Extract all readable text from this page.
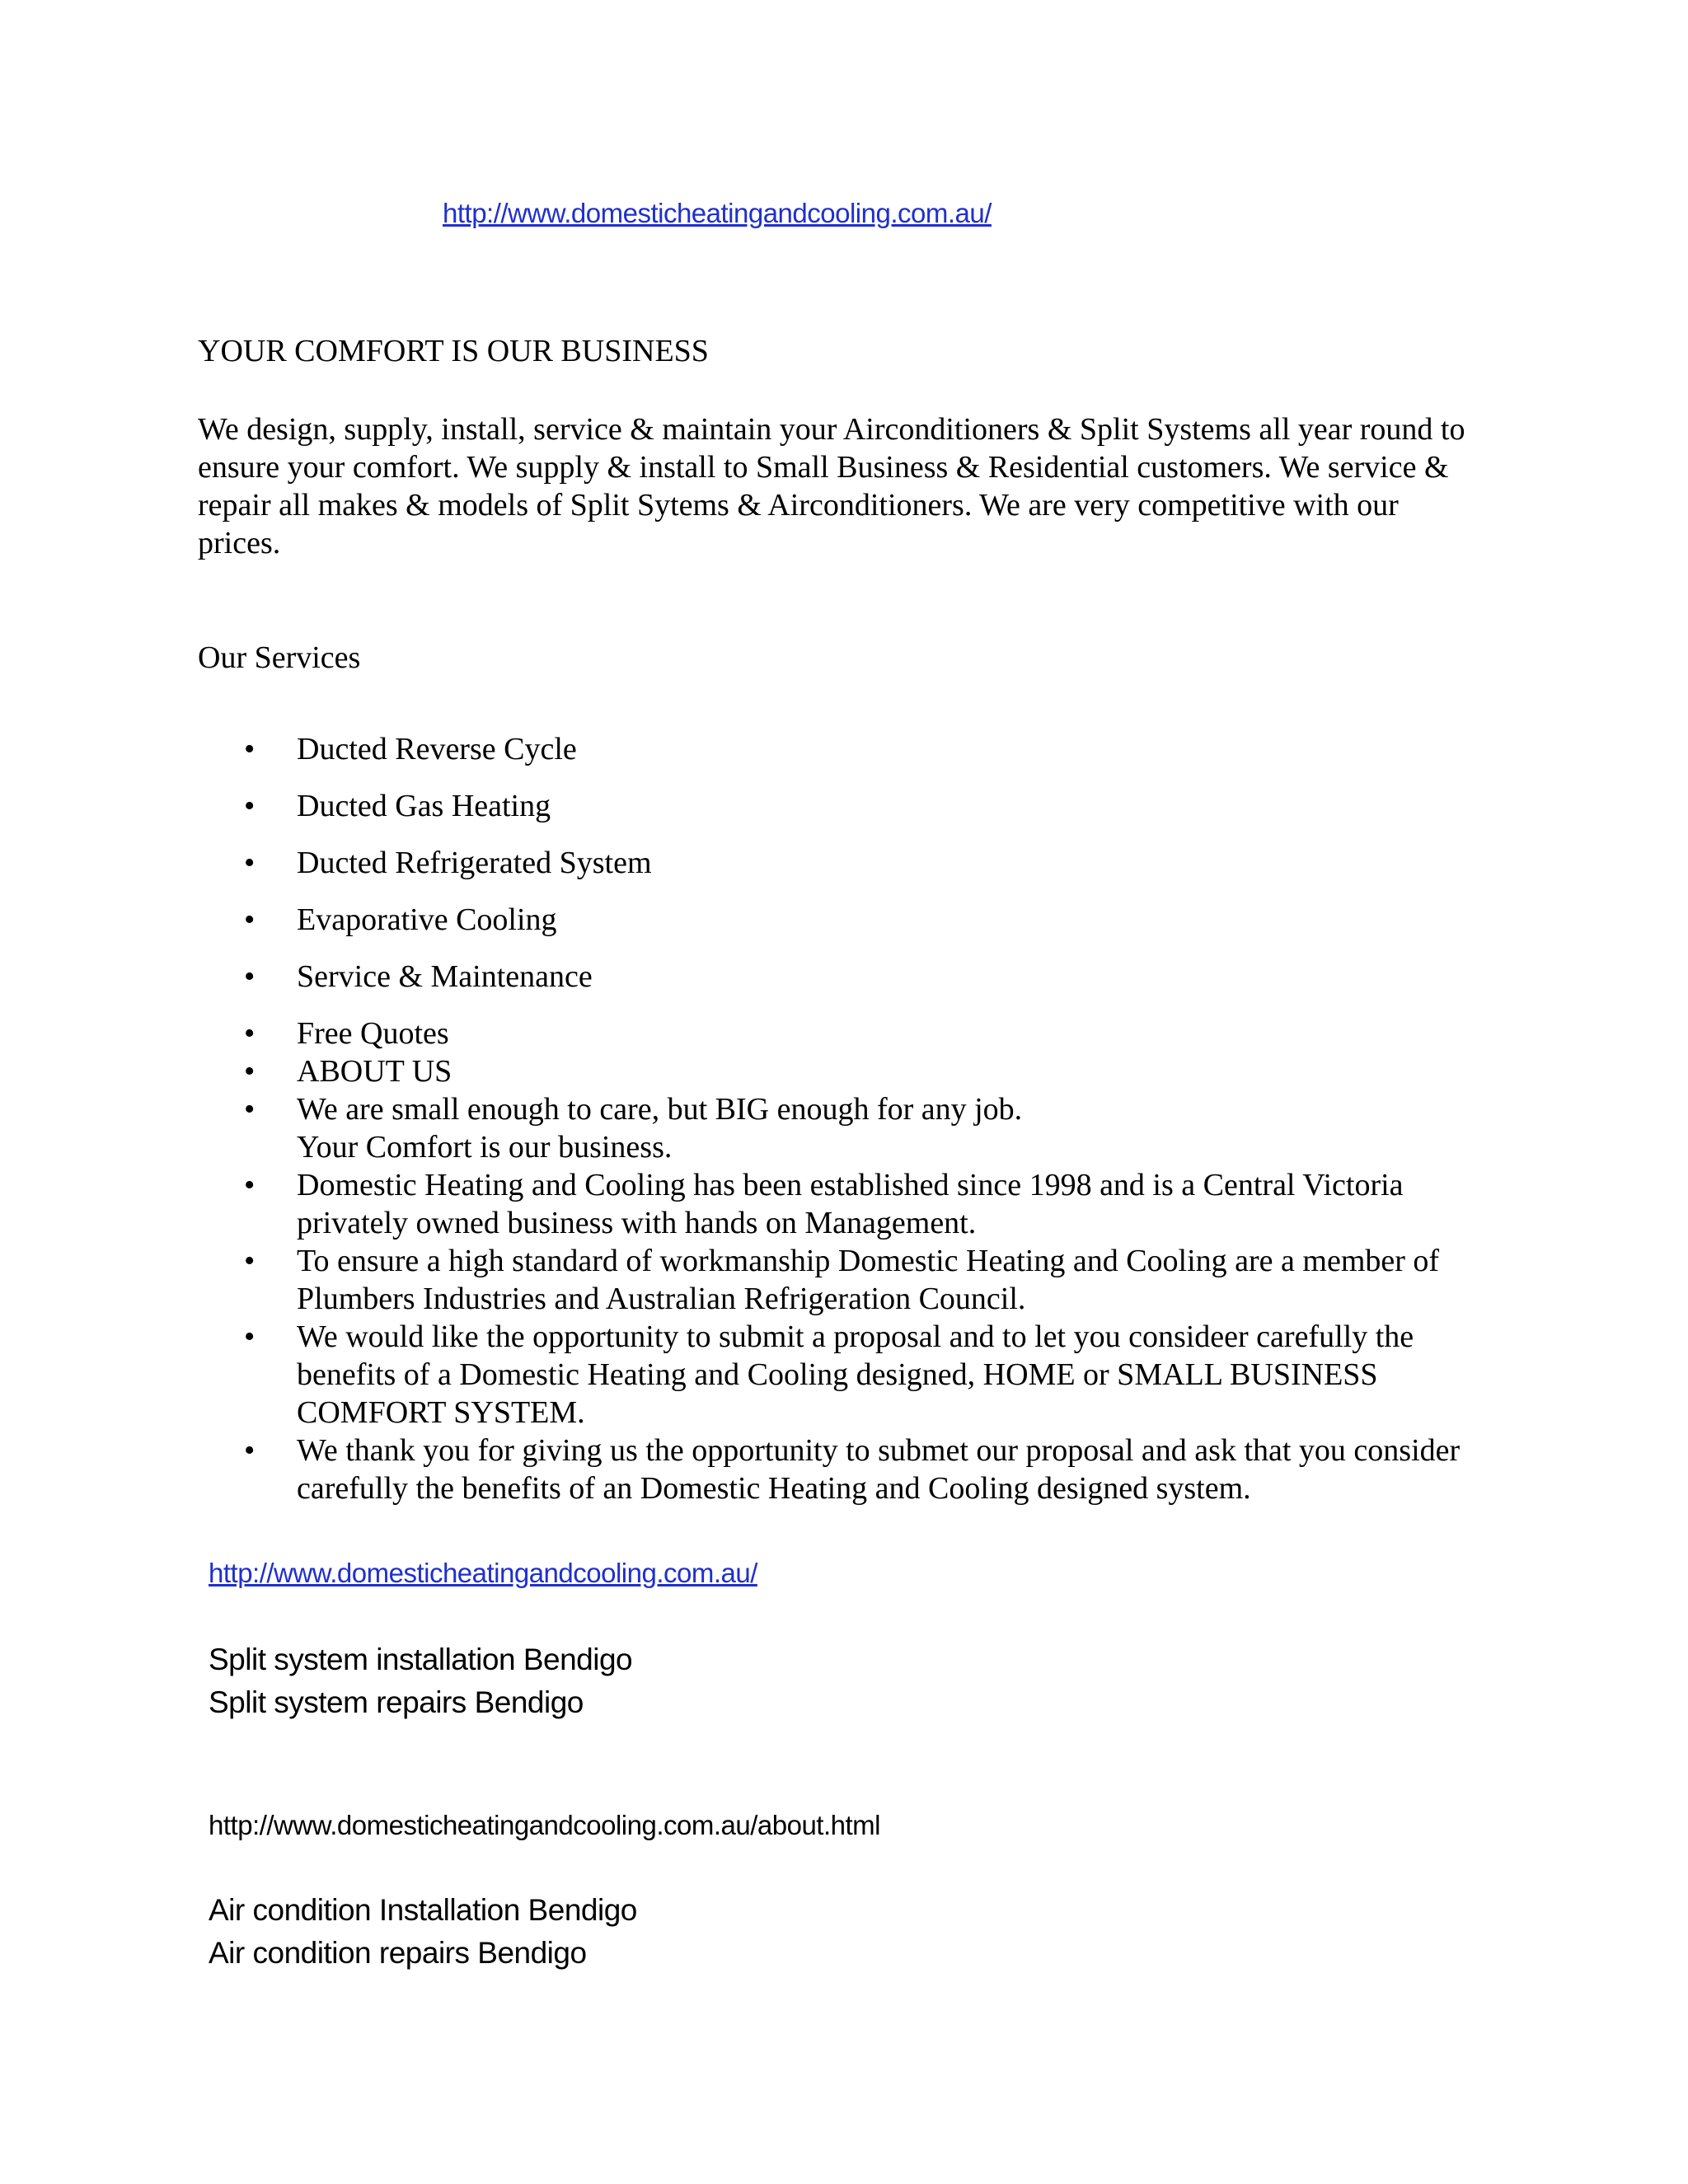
http://www.domesticheatingandcooling.com.au/
YOUR COMFORT IS OUR BUSINESS
We design, supply, install, service & maintain your Airconditioners & Split Systems all year round to ensure your comfort. We supply & install to Small Business & Residential customers. We service & repair all makes & models of Split Sytems & Airconditioners. We are very competitive with our prices.
Our Services
• Ducted Reverse Cycle
• Ducted Gas Heating
• Ducted Refrigerated System
• Evaporative Cooling
• Service & Maintenance
• Free Quotes
• ABOUT US
• We are small enough to care, but BIG enough for any job.
Your Comfort is our business.
• Domestic Heating and Cooling has been established since 1998 and is a Central Victoria privately owned business with hands on Management.
• To ensure a high standard of workmanship Domestic Heating and Cooling are a member of Plumbers Industries and Australian Refrigeration Council.
• We would like the opportunity to submit a proposal and to let you consideer carefully the benefits of a Domestic Heating and Cooling designed, HOME or SMALL BUSINESS COMFORT SYSTEM.
• We thank you for giving us the opportunity to submet our proposal and ask that you consider carefully the benefits of an Domestic Heating and Cooling designed system.
http://www.domesticheatingandcooling.com.au/
Split system installation Bendigo
Split system repairs Bendigo
http://www.domesticheatingandcooling.com.au/about.html
Air condition Installation Bendigo
Air condition repairs Bendigo
